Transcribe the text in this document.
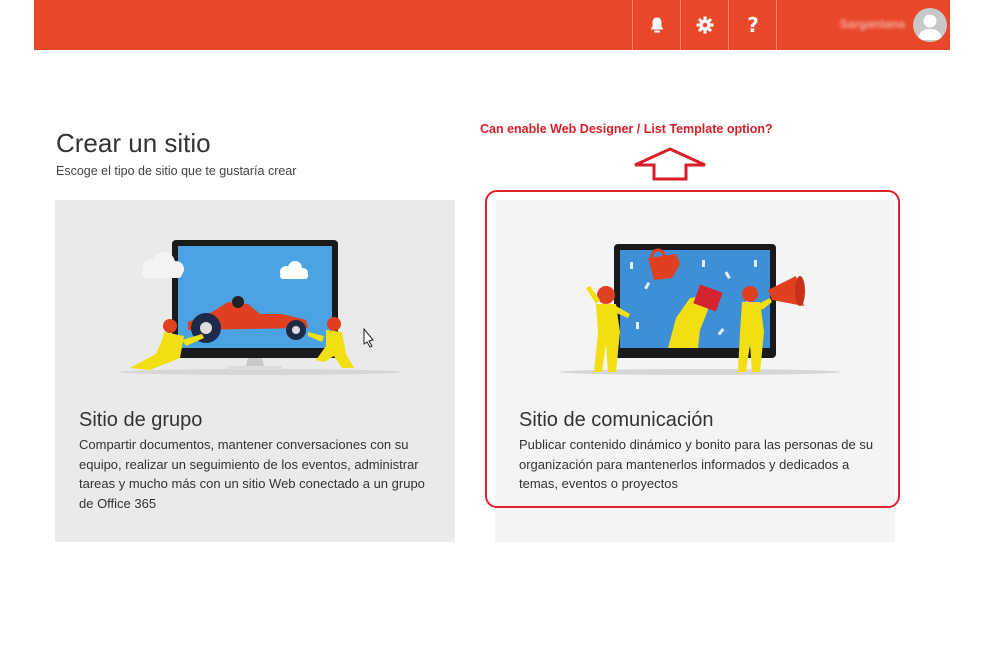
?	Sargantana
Crear un sitio
Escoge el tipo de sitio que te gustaría crear
Can enable Web Designer / List Template option?
Sitio de grupo
Compartir documentos, mantener conversaciones con su equipo, realizar un seguimiento de los eventos, administrar tareas y mucho más con un sitio Web conectado a un grupo de Office 365
Sitio de comunicación
Publicar contenido dinámico y bonito para las personas de su organización para mantenerlos informados y dedicados a temas, eventos o proyectos
